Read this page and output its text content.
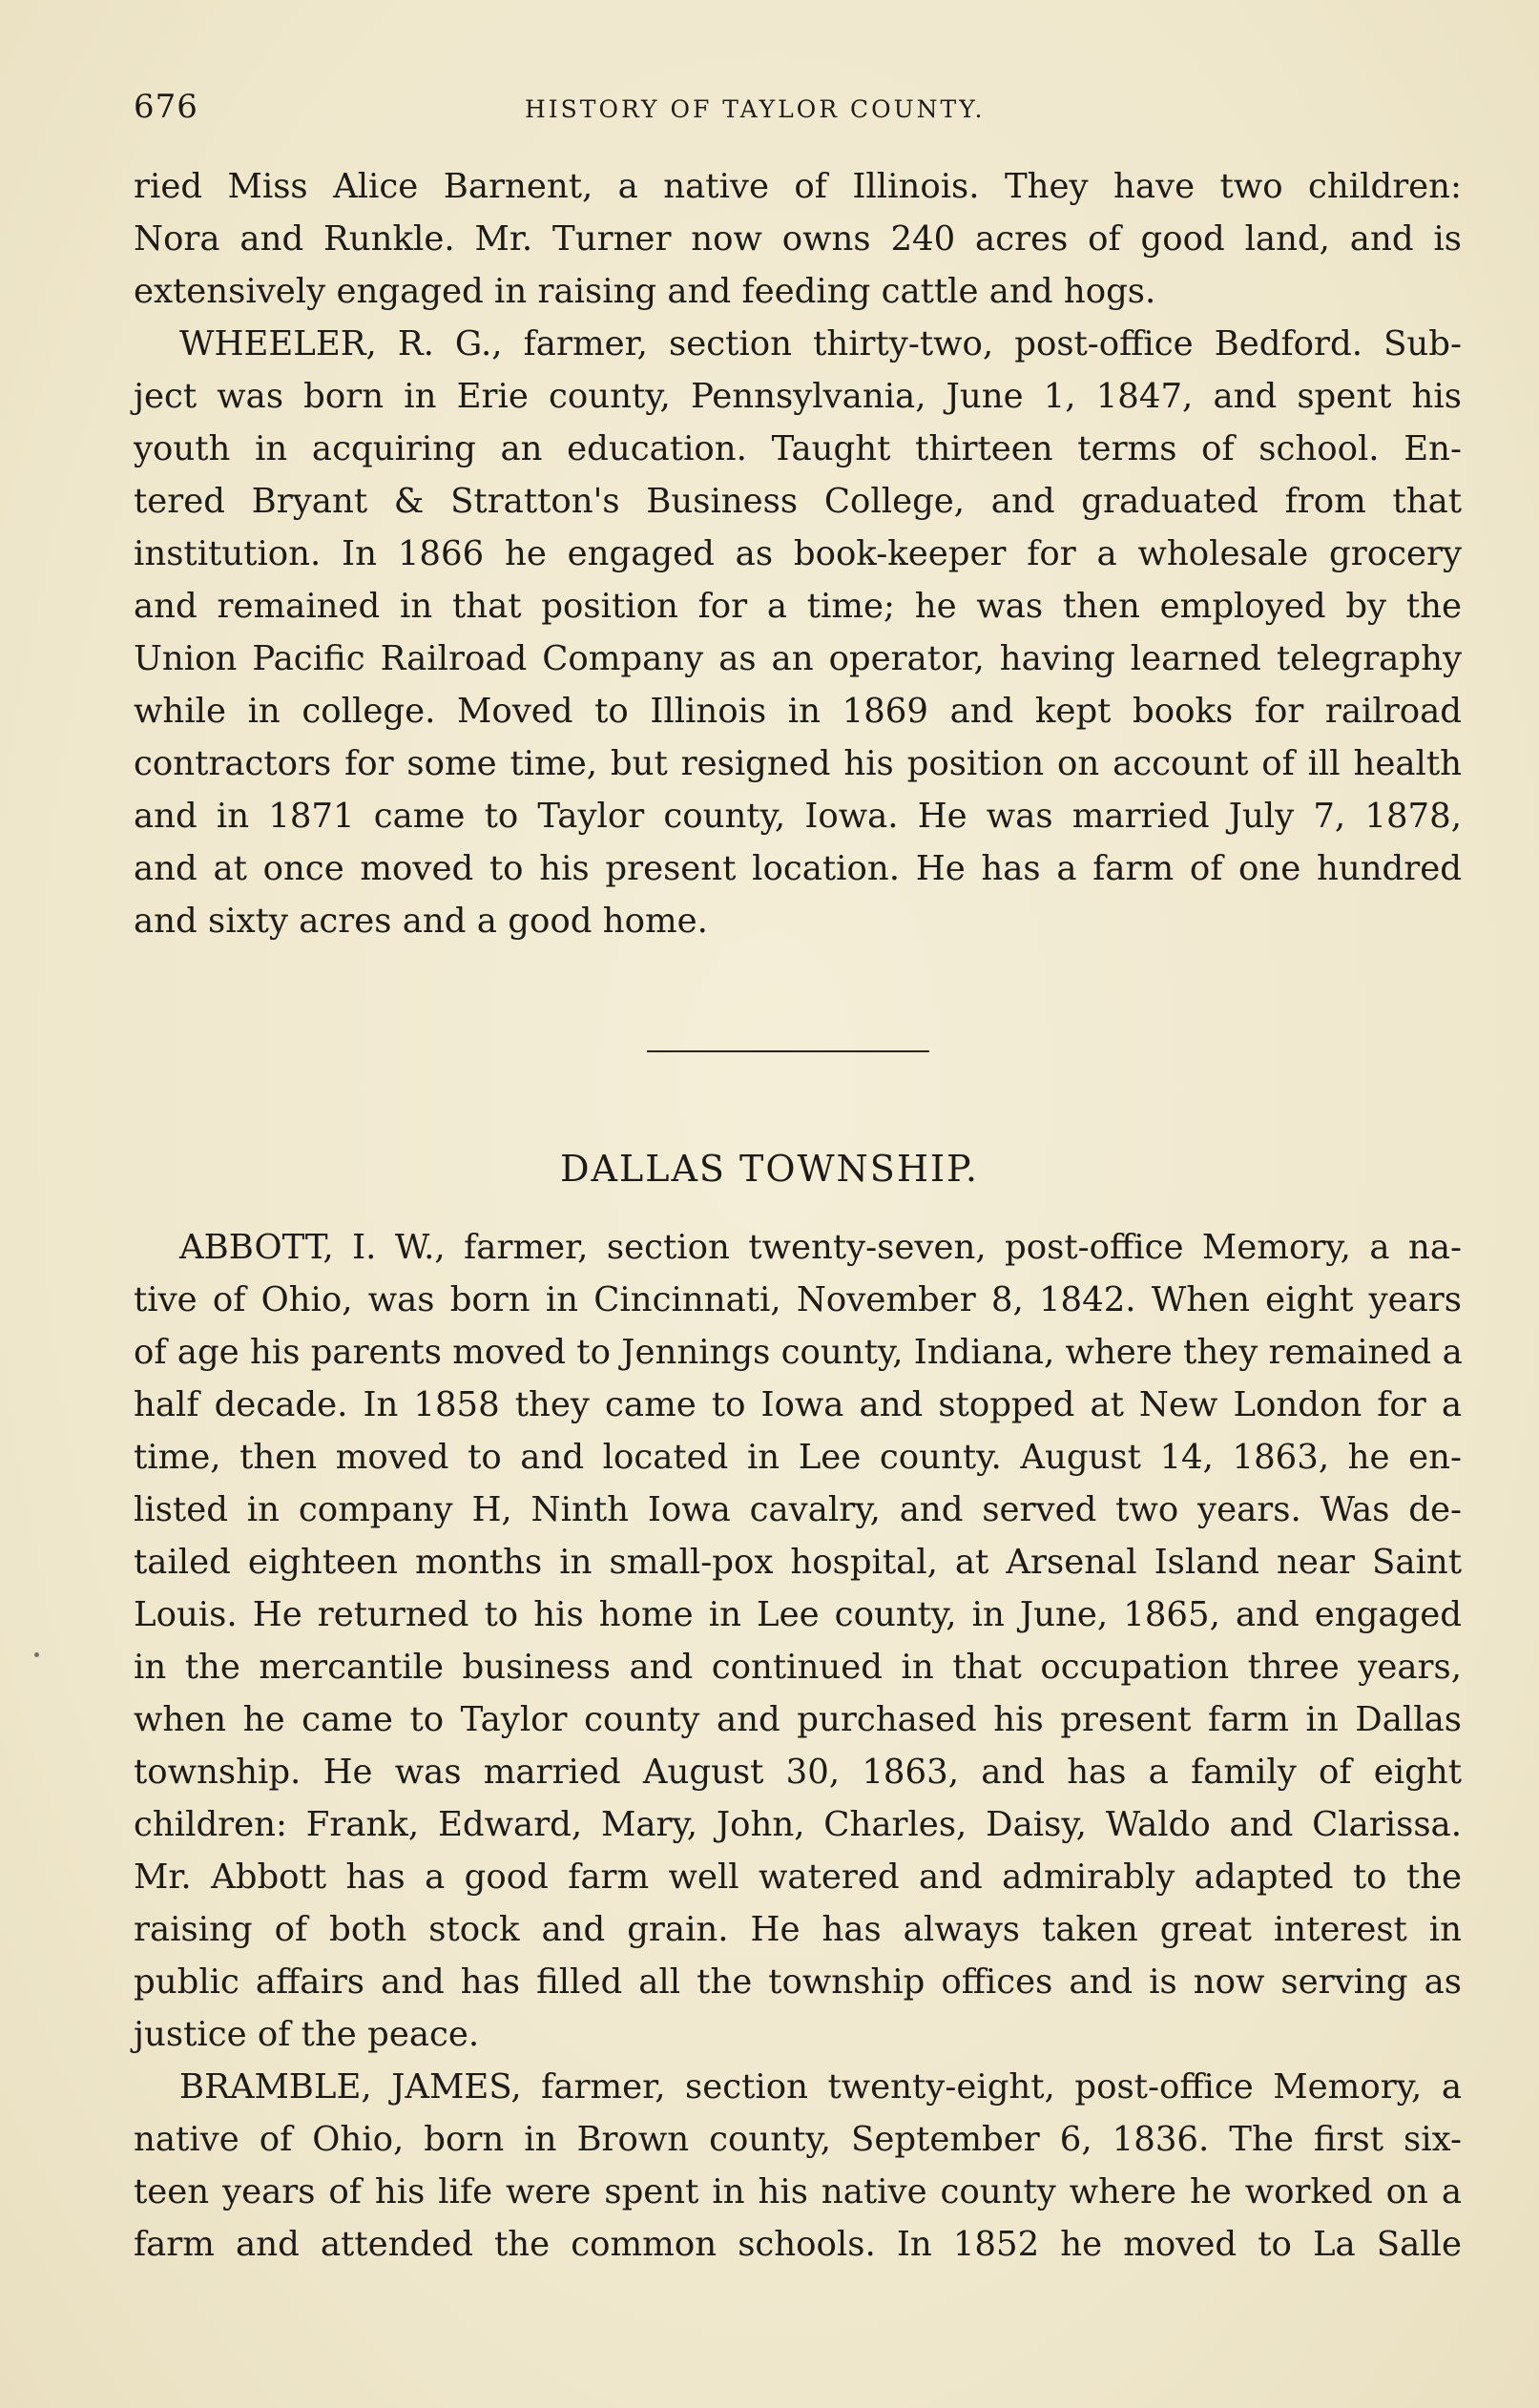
676	HISTORY OF TAYLOR COUNTY.
ried Miss Alice Barnent, a native of Illinois. They have two children:
Nora and Runkle. Mr. Turner now owns 240 acres of good land, and is
extensively engaged in raising and feeding cattle and hogs.
WHEELER, R. G., farmer, section thirty-two, post-office Bedford. Sub-
ject was born in Erie county, Pennsylvania, June 1, 1847, and spent his
youth in acquiring an education. Taught thirteen terms of school. En-
tered Bryant & Stratton's Business College, and graduated from that
institution. In 1866 he engaged as book-keeper for a wholesale grocery
and remained in that position for a time; he was then employed by the
Union Pacific Railroad Company as an operator, having learned telegraphy
while in college. Moved to Illinois in 1869 and kept books for railroad
contractors for some time, but resigned his position on account of ill health
and in 1871 came to Taylor county, Iowa. He was married July 7, 1878,
and at once moved to his present location. He has a farm of one hundred
and sixty acres and a good home.
DALLAS TOWNSHIP.
ABBOTT, I. W., farmer, section twenty-seven, post-office Memory, a na-
tive of Ohio, was born in Cincinnati, November 8, 1842. When eight years
of age his parents moved to Jennings county, Indiana, where they remained a
half decade. In 1858 they came to Iowa and stopped at New London for a
time, then moved to and located in Lee county. August 14, 1863, he en-
listed in company H, Ninth Iowa cavalry, and served two years. Was de-
tailed eighteen months in small-pox hospital, at Arsenal Island near Saint
Louis. He returned to his home in Lee county, in June, 1865, and engaged
in the mercantile business and continued in that occupation three years,
when he came to Taylor county and purchased his present farm in Dallas
township. He was married August 30, 1863, and has a family of eight
children: Frank, Edward, Mary, John, Charles, Daisy, Waldo and Clarissa.
Mr. Abbott has a good farm well watered and admirably adapted to the
raising of both stock and grain. He has always taken great interest in
public affairs and has filled all the township offices and is now serving as
justice of the peace.
BRAMBLE, JAMES, farmer, section twenty-eight, post-office Memory, a
native of Ohio, born in Brown county, September 6, 1836. The first six-
teen years of his life were spent in his native county where he worked on a
farm and attended the common schools. In 1852 he moved to La Salle
